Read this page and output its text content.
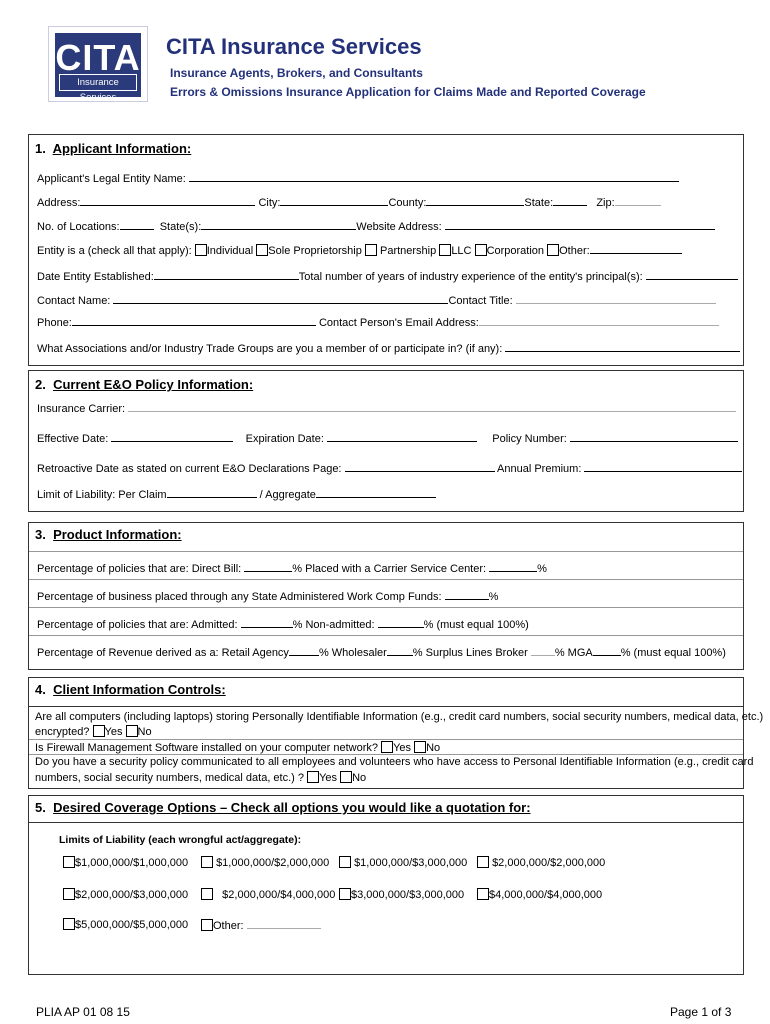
CITA
Insurance Services
CITA Insurance Services
Insurance Agents, Brokers, and Consultants
Errors & Omissions Insurance Application for Claims Made and Reported Coverage
1. Applicant Information:
Applicant's Legal Entity Name:
Address:	City:	County:	State:	Zip:
No. of Locations:	State(s):	Website Address:
Entity is a (check all that apply): Individual Sole Proprietorship Partnership LLC Corporation Other:
Date Entity Established:	Total number of years of industry experience of the entity's principal(s):
Contact Name:	Contact Title:
Phone:	Contact Person's Email Address:
What Associations and/or Industry Trade Groups are you a member of or participate in? (if any):
2. Current E&O Policy Information:
Insurance Carrier:
Effective Date:	Expiration Date:	Policy Number:
Retroactive Date as stated on current E&O Declarations Page:	Annual Premium:
Limit of Liability: Per Claim	/ Aggregate
3. Product Information:
Percentage of policies that are: Direct Bill:	% Placed with a Carrier Service Center:	%
Percentage of business placed through any State Administered Work Comp Funds:	%
Percentage of policies that are: Admitted:	% Non-admitted:	% (must equal 100%)
Percentage of Revenue derived as a: Retail Agency	% Wholesaler % Surplus Lines Broker % MGA	% (must equal 100%)
4. Client Information Controls:
Are all computers (including laptops) storing Personally Identifiable Information (e.g., credit card numbers, social security numbers, medical data, etc.)
encrypted? Yes No
Is Firewall Management Software installed on your computer network? Yes No
Do you have a security policy communicated to all employees and volunteers who have access to Personal Identifiable Information (e.g., credit card
numbers, social security numbers, medical data, etc.) ? Yes No
5. Desired Coverage Options – Check all options you would like a quotation for:
Limits of Liability (each wrongful act/aggregate):
$1,000,000/$1,000,000	$1,000,000/$2,000,000	$1,000,000/$3,000,000	$2,000,000/$2,000,000
$2,000,000/$3,000,000	$2,000,000/$4,000,000	$3,000,000/$3,000,000	$4,000,000/$4,000,000
$5,000,000/$5,000,000	Other:
PLIA AP 01 08 15	Page 1 of 3
